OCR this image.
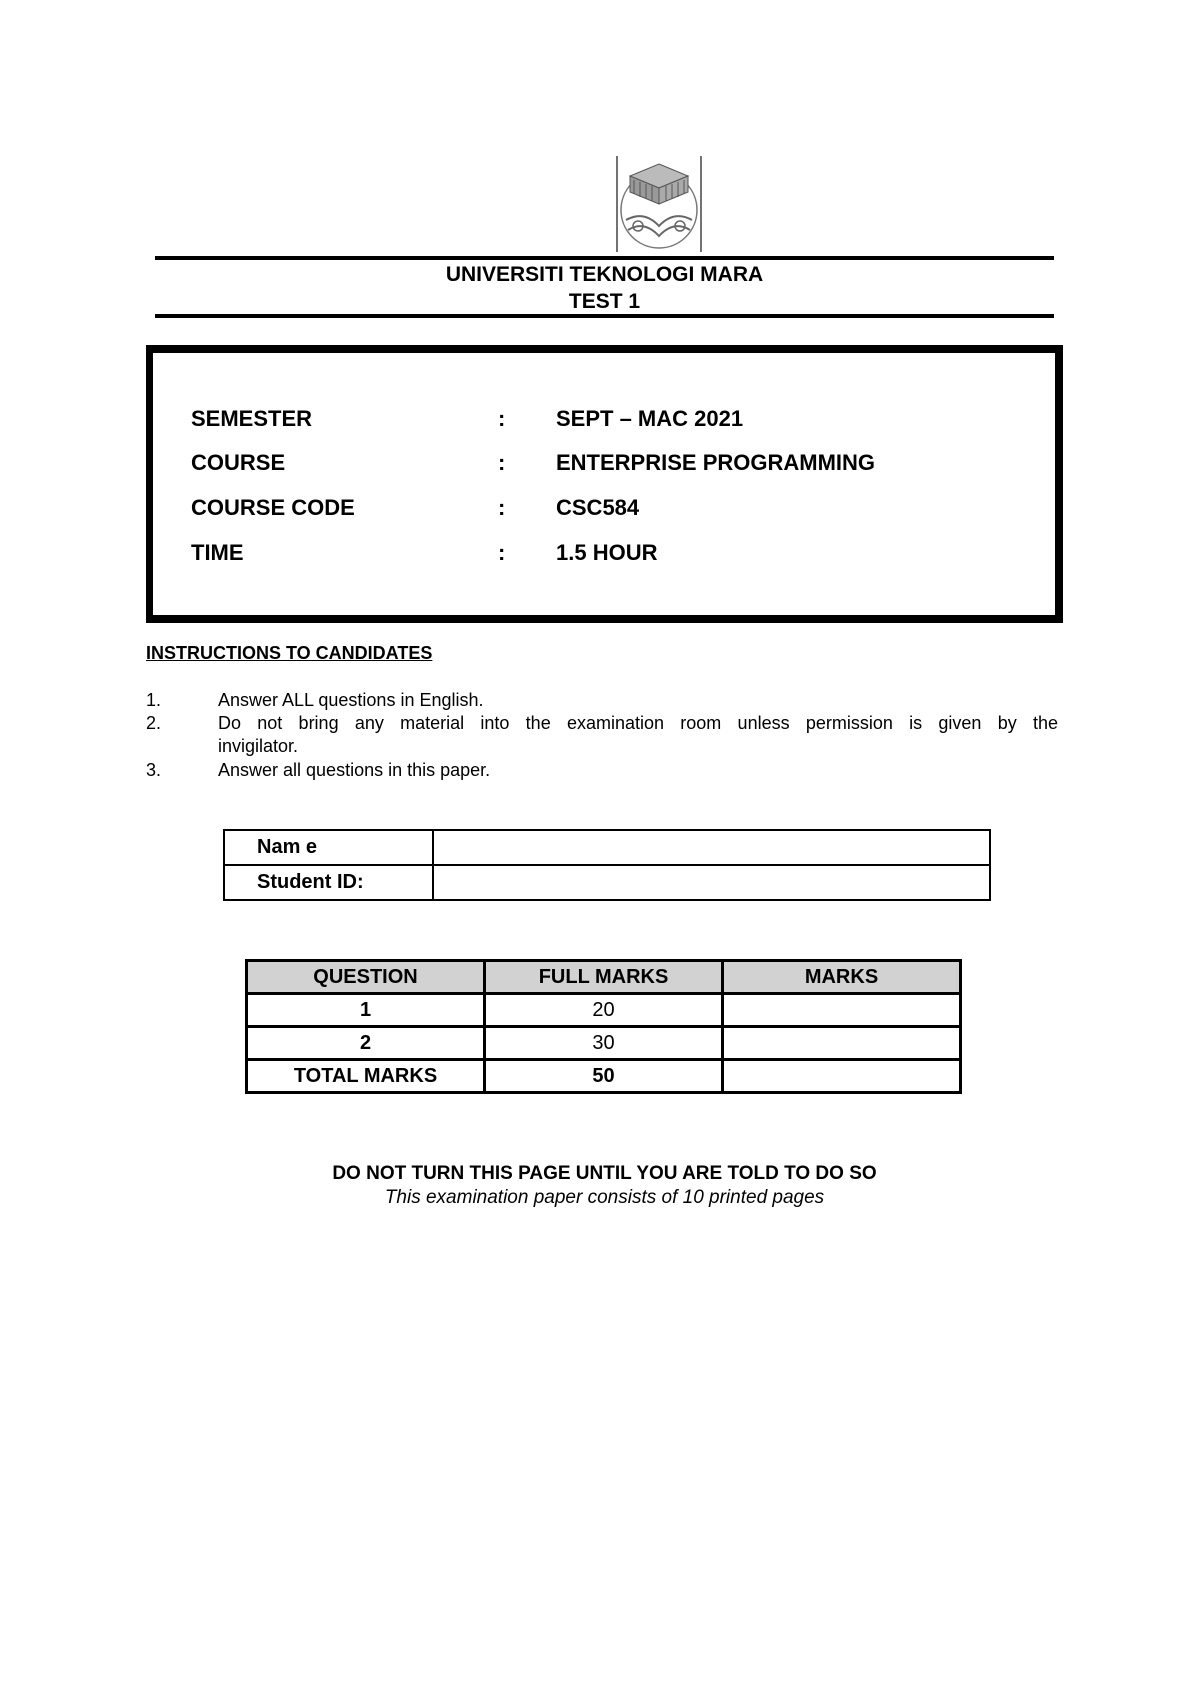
UNIVERSITI TEKNOLOGI MARA
TEST 1
SEMESTER	: SEPT – MAC 2021
COURSE	: ENTERPRISE PROGRAMMING
COURSE CODE	: CSC584
TIME	: 1.5 HOUR
INSTRUCTIONS TO CANDIDATES
1.	Answer ALL questions in English.
2.	Do not bring any material into the examination room unless permission is given by the
invigilator.
3.	Answer all questions in this paper.
Nam e	
Student ID:	
QUESTION	FULL MARKS	MARKS
1	20	
2	30	
TOTAL MARKS	50	
DO NOT TURN THIS PAGE UNTIL YOU ARE TOLD TO DO SO
This examination paper consists of 10 printed pages
